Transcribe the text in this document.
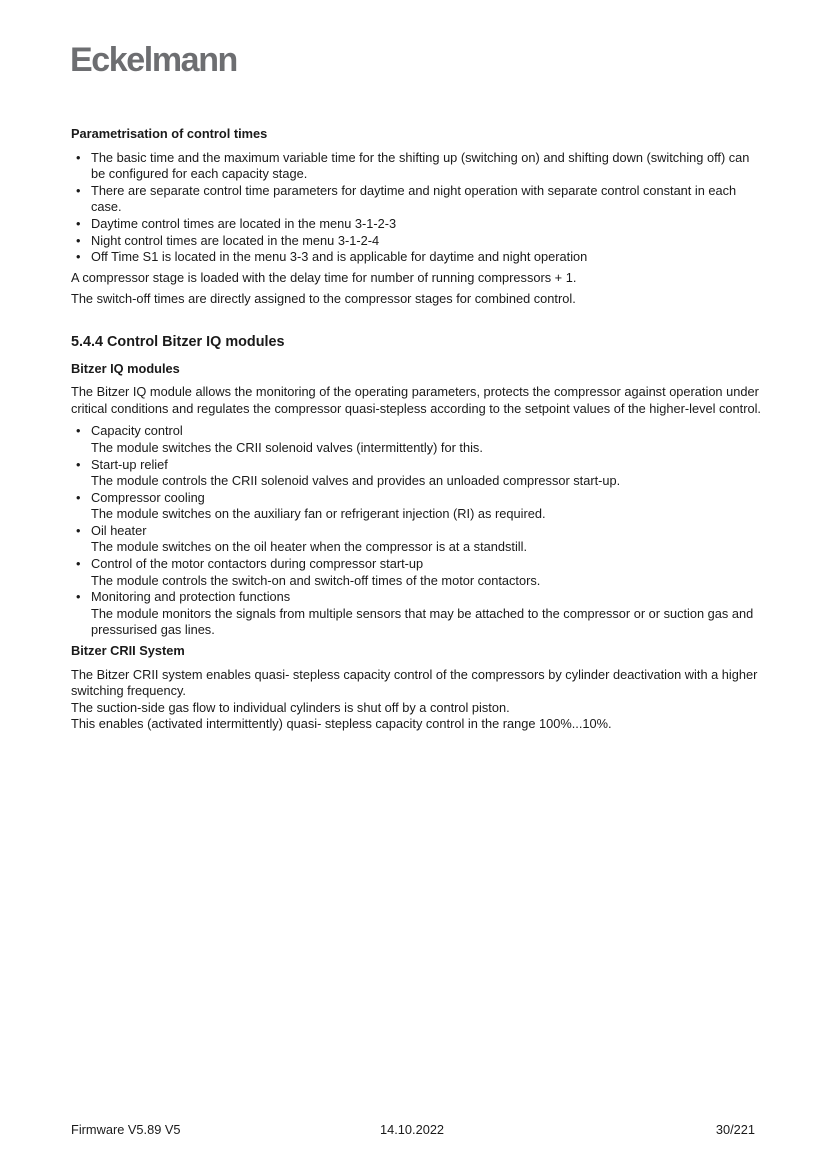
Eckelmann
Parametrisation of control times
• The basic time and the maximum variable time for the shifting up (switching on) and shifting down (switching off) can be configured for each capacity stage.
• There are separate control time parameters for daytime and night operation with separate control constant in each case.
• Daytime control times are located in the menu 3-1-2-3
• Night control times are located in the menu 3-1-2-4
• Off Time S1 is located in the menu 3-3 and is applicable for daytime and night operation

A compressor stage is loaded with the delay time for number of running compressors + 1.

The switch-off times are directly assigned to the compressor stages for combined control.

5.4.4 Control Bitzer IQ modules
Bitzer IQ modules

The Bitzer IQ module allows the monitoring of the operating parameters, protects the compressor against operation under critical conditions and regulates the compressor quasi-stepless according to the setpoint values of the higher-level control.

• Capacity control
The module switches the CRII solenoid valves (intermittently) for this.
• Start-up relief
The module controls the CRII solenoid valves and provides an unloaded compressor start-up.
• Compressor cooling
The module switches on the auxiliary fan or refrigerant injection (RI) as required.
• Oil heater
The module switches on the oil heater when the compressor is at a standstill.
• Control of the motor contactors during compressor start-up
The module controls the switch-on and switch-off times of the motor contactors.
• Monitoring and protection functions
The module monitors the signals from multiple sensors that may be attached to the compressor or or suction gas and pressurised gas lines.
Bitzer CRII System
The Bitzer CRII system enables quasi- stepless capacity control of the compressors by cylinder deactivation with a higher switching frequency.
The suction-side gas flow to individual cylinders is shut off by a control piston.
This enables (activated intermittently) quasi- stepless capacity control in the range 100%...10%.
Firmware V5.89 V5	14.10.2022	30/221
